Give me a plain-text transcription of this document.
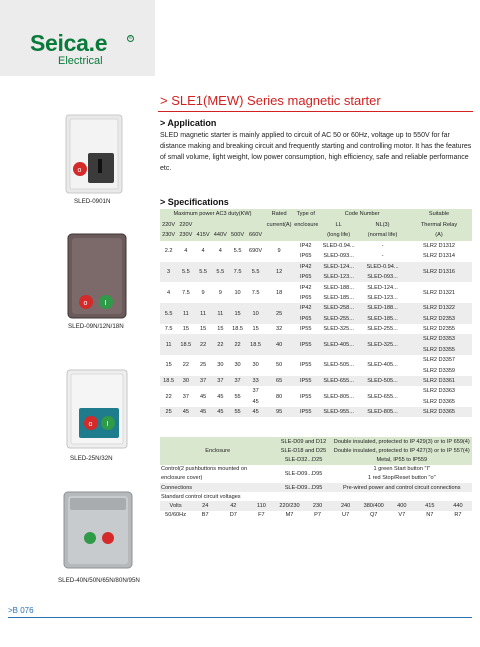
Seica.e	®
Electrical
> SLE1(MEW) Series magnetic starter
> Application
SLED magnetic starter is mainly applied to circuit of AC 50 or 60Hz, voltage up to 550V for far distance making and breaking circuit and frequently starting and controlling motor. It has the features of small volume, light weight, low power consumption, high efficiency, safe and reliable performance etc.
> Specifications
o
SLED-0901N
o I
SLED-09N/12N/18N
o I
SLED-25N/32N
SLED-40N/50N/65N/80N/95N
Maximum power AC3 duty(KW)						Rated	Type of	Code Number		Suitable
220V	220V					current(A)	enclosure	LL	NL(3)	Thermal Relay
230V	230V	415V	440V	500V	660V			(long life)	(normal life)	(A)
2.2	4	4	4	5.5	690V	9	IP42	SLED-0.94...	-	SLR2 D1312
							IP65	SLED-093...	-	SLR2 D1314
3	5.5	5.5	5.5	7.5	5.5	12	IP42	SLED-124...	SLED-0.94...	SLR2 D1316
							IP65	SLED-123...	SLED-093...	
4	7.5	9	9	10	7.5	18	IP42	SLED-188...	SLED-124...	SLR2 D1321
							IP65	SLED-185...	SLED-123...	
5.5	11	11	11	15	10	25	IP42	SLED-258...	SLED-188...	SLR2 D1322
							IP65	SLED-255...	SLED-185...	SLR2 D2353
7.5	15	15	15	18.5	15	32	IP55	SLED-325...	SLED-255...	SLR2 D2355
11	18.5	22	22	22	18.5	40	IP55	SLED-405...	SLED-325...	SLR2 D3353
										SLR2 D3355
15	22	25	30	30	30	50	IP55	SLED-505...	SLED-405...	SLR2 D3357
										SLR2 D3359
18.5	30	37	37	37	33	65	IP55	SLED-655...	SLED-505...	SLR2 D3361
22	37	45	45	55	37	80	IP55	SLED-805...	SLED-655...	SLR2 D3363
					45					SLR2 D3365
25	45	45	45	55	45	95	IP55	SLED-955...	SLED-805...	SLR2 D3365
Enclosure				SLE-D09 and D12		Double insulated, protected to IP 429(3) or to IP 659(4)				
				SLE-D18 and D25		Double insulated, protected to IP 427(3) or to IP 557(4)				
				SLE-D32...D25		Metal, IP55 to IP559				
Control(2 pushbuttons mounted on				SLE-D09...D95		1 green Start button "I"				
enclosure cover)						1 red Stop/Reset button "o"				
Connections				SLE-D09...D95		Pre-wired power and control circuit connections				
Standard control circuit voltages										
Volts	24	42	110	220/230	230	240	380/400	400	415	440
50/60Hz	B7	D7	F7	M7	P7	U7	Q7	V7	N7	R7
>B 076
